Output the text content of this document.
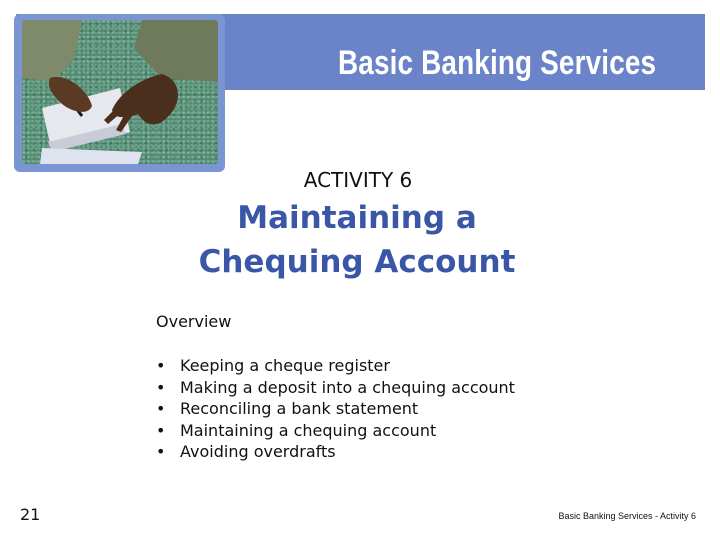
Basic Banking Services
ACTIVITY 6
Maintaining a
Chequing Account
Overview
• Keeping a cheque register
• Making a deposit into a chequing account
• Reconciling a bank statement
• Maintaining a chequing account
• Avoiding overdrafts
21	Basic Banking Services - Activity 6
